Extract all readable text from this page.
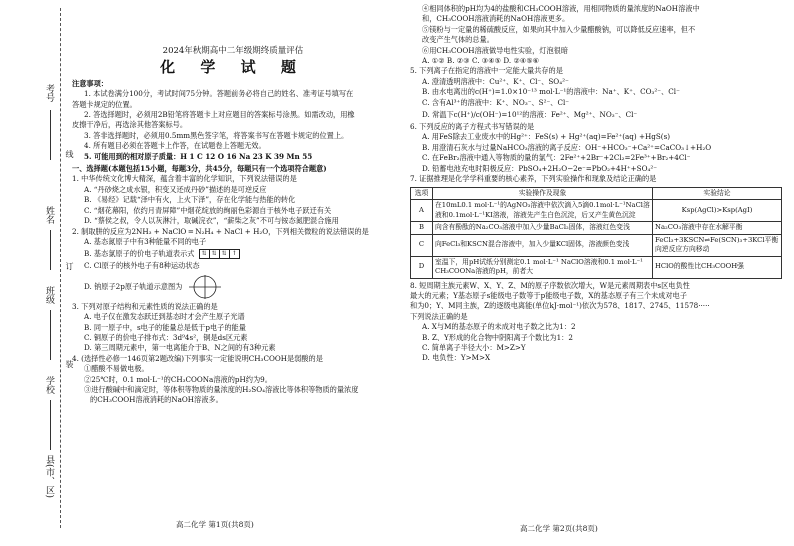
考号
线
姓名
订
班级
装
学校
县(市、区)
2024年秋期高中二年级期终质量评估
化 学 试 题

注意事项：

1. 本试卷满分100分，考试时间75分钟。答题前务必将自己的姓名、准考证号填写在

答题卡规定的位置。

2. 答选择题时，必须用2B铅笔将答题卡上对应题目的答案标号涂黑。如需改动，用橡

皮擦干净后，再选涂其他答案标号。

3. 答非选择题时，必须用0.5mm黑色签字笔，将答案书写在答题卡规定的位置上。

4. 所有题目必须在答题卡上作答，在试题卷上答题无效。

5. 可能用到的相对原子质量：H 1 C 12 O 16 Na 23 K 39 Mn 55

一、选择题(本题包括15小题，每题3分，共45分，每题只有一个选项符合题意)

1. 中华传统文化博大精深，蕴含着丰富的化学知识，下列说法错误的是

A. “丹砂烧之成水银，积变又还成丹砂”描述的是可逆反应

B. 《易经》记载“泽中有火，上火下泽”，存在化学能与热能的转化

C. “烟花幕阳，依约月青屏障”中烟花绽放的绚丽色彩源自于核外电子跃迁有关

D. “蔡侯之叔，令人以灰淋汁，取碱浣衣”，“薪柴之灰”不可与铵态氮肥混合施用

2. 制取肼的反应为2NH₃ + NaClO ═ N₂H₄ + NaCl + H₂O，下列相关微粒的说法错误的是

A. 基态氮原子中有3种能量不同的电子

B. 基态氯原子的价电子轨道表示式	⇅ ⇅ ⇅ ↑

C. Cl原子的核外电子有8种运动状态

D. 钠原子2p原子轨道示意图为

3. 下列对原子结构和元素性质的说法正确的是

A. 电子仅在激发态跃迁到基态时才会产生原子光谱

B. 同一原子中，s电子的能量总是低于p电子的能量

C. 铜原子的价电子排布式：3d⁹4s²，铜是ds区元素

D. 第三周期元素中，第一电离能介于B、N之间的有3种元素

4. (选择性必修一146页第2题改编)下列事实一定能说明CH₃COOH是弱酸的是

①醋酸不易做电极。

②25℃时，0.1 mol·L⁻¹的CH₃COONa溶液的pH约为9。

③进行酸碱中和滴定时，等体积等物质的量浓度的H₂SO₄溶液比等体积等物质的量浓度

的CH₃COOH溶液消耗的NaOH溶液多。

高二化学 第1页(共8页)

④相同体积的pH均为4的盐酸和CH₃COOH溶液，用相同物质的量浓度的NaOH溶液中

和，CH₃COOH溶液消耗的NaOH溶液更多。

⑤镁粉与一定量的稀硫酸反应，如果向其中加入少量醋酸钠，可以降低反应速率，但不

改变产生气体的总量。

⑥用CH₃COOH溶液做导电性实验，灯泡很暗

A. ①② B. ②③ C. ③④⑤ D. ②④⑤⑥

5. 下列离子在指定的溶液中一定能大量共存的是

A. 澄清透明溶液中：Cu²⁺、K⁺、Cl⁻、SO₄²⁻

B. 由水电离出的c(H⁺)=1.0×10⁻¹³ mol·L⁻¹的溶液中：Na⁺、K⁺、CO₃²⁻、Cl⁻

C. 含有Al³⁺的溶液中：K⁺、NO₃⁻、S²⁻、Cl⁻

D. 常温下c(H⁺)/c(OH⁻)=10¹²的溶液：Fe²⁺、Mg²⁺、NO₃⁻、Cl⁻

6. 下列反应的离子方程式书写错误的是

A. 用FeS除去工业废水中的Hg²⁺：FeS(s) + Hg²⁺(aq)=Fe²⁺(aq) +HgS(s)

B. 用澄清石灰水与过量NaHCO₃溶液的离子反应：OH⁻+HCO₃⁻+Ca²⁺=CaCO₃↓+H₂O

C. 在FeBr₂溶液中通入等物质的量的氯气：2Fe²⁺+2Br⁻+2Cl₂=2Fe³⁺+Br₂+4Cl⁻

D. 铅蓄电池充电时阳极反应：PbSO₄+2H₂O−2e⁻=PbO₂+4H⁺+SO₄²⁻

7. 证据推理是化学学科重要的核心素养，下列实验操作和现象及结论正确的是

选项	实验操作及现象	实验结论
A	在10mL0.1 mol·L⁻¹的AgNO₃溶液中依次滴入5滴0.1mol·L⁻¹NaCl溶液和0.1mol·L⁻¹KI溶液，溶液先产生白色沉淀，后又产生黄色沉淀	Ksp(AgCl)>Ksp(AgI)
B	向含有酚酞的Na₂CO₃溶液中加入少量BaCl₂固体，溶液红色变浅	Na₂CO₃溶液中存在水解平衡
C	向FeCl₃和KSCN混合溶液中，加入少量KCl固体，溶液颜色变浅	FeCl₃+3KSCN⇌Fe(SCN)₃+3KCl平衡向逆反应方向移动
D	室温下，用pH试纸分别测定0.1 mol·L⁻¹ NaClO溶液和0.1 mol·L⁻¹ CH₃COONa溶液的pH，前者大	HClO的酸性比CH₃COOH强

8. 短周期主族元素W、X、Y、Z、M的原子序数依次增大，W是元素周期表中s区电负性

最大的元素；Y基态原子s能级电子数等于p能级电子数，X的基态原子有三个未成对电子

和为0；Y、M同主族，Z的逐级电离能(单位kJ·mol⁻¹)依次为578、1817、2745、11578·····

下列说法正确的是

A. X与M的基态原子的未成对电子数之比为1：2

B. Z、Y形成的化合物中阴阳离子个数比为1：2

C. 简单离子半径大小：M>Z>Y

D. 电负性：Y>M>X

高二化学 第2页(共8页)
